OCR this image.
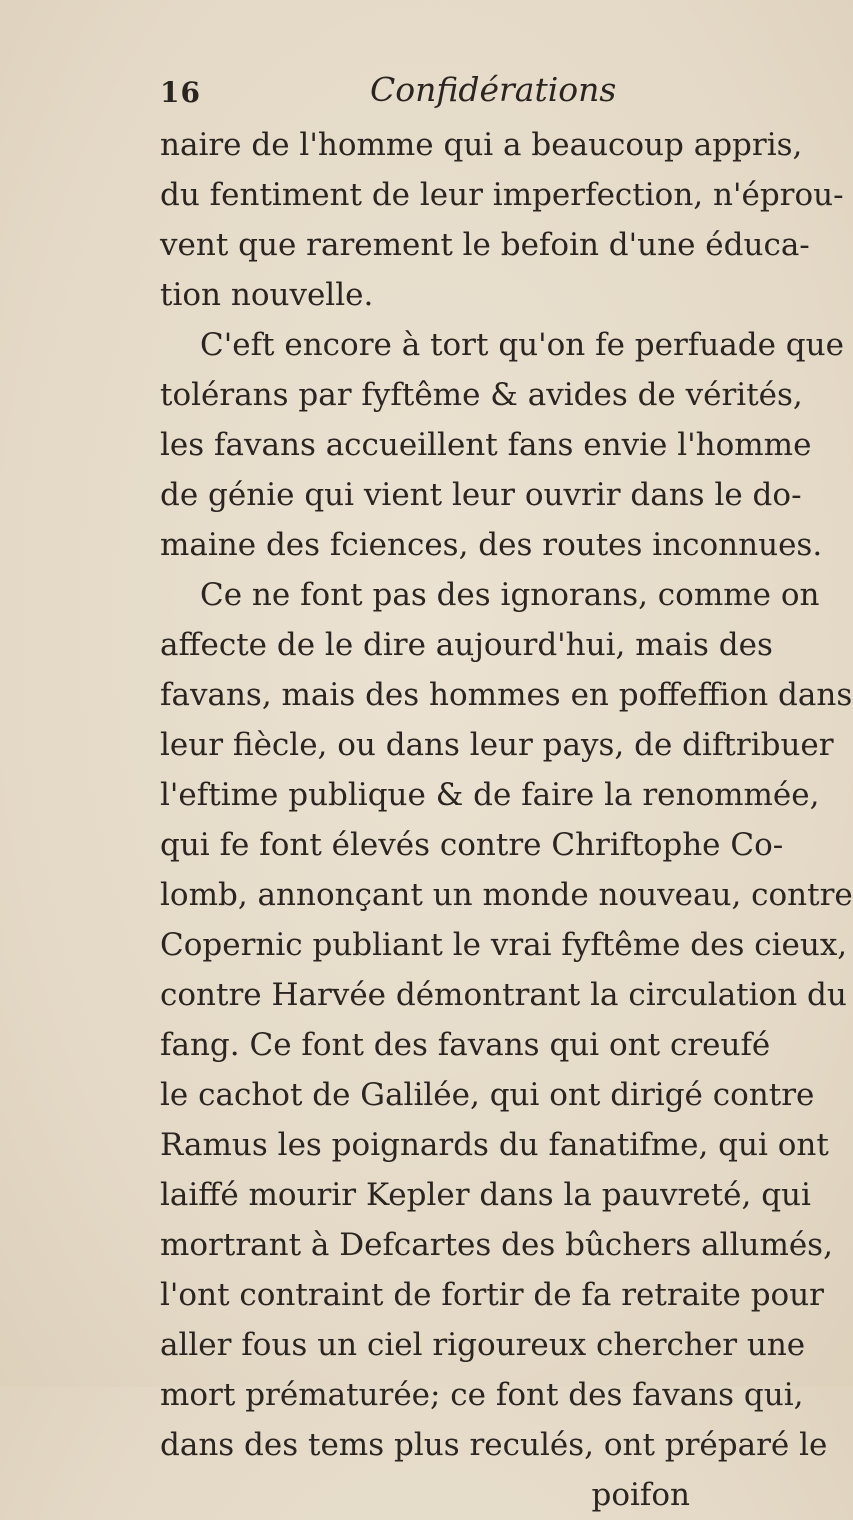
16	Confidérations
naire de l'homme qui a beaucoup appris,
du fentiment de leur imperfection, n'éprou-
vent que rarement le befoin d'une éduca-
tion nouvelle.
C'eft encore à tort qu'on fe perfuade que
tolérans par fyftême & avides de vérités,
les favans accueillent fans envie l'homme
de génie qui vient leur ouvrir dans le do-
maine des fciences, des routes inconnues.
Ce ne font pas des ignorans, comme on
affecte de le dire aujourd'hui, mais des
favans, mais des hommes en poffeffion dans
leur fiècle, ou dans leur pays, de diftribuer
l'eftime publique & de faire la renommée,
qui fe font élevés contre Chriftophe Co-
lomb, annonçant un monde nouveau, contre
Copernic publiant le vrai fyftême des cieux,
contre Harvée démontrant la circulation du
fang. Ce font des favans qui ont creufé
le cachot de Galilée, qui ont dirigé contre
Ramus les poignards du fanatifme, qui ont
laiffé mourir Kepler dans la pauvreté, qui
mortrant à Defcartes des bûchers allumés,
l'ont contraint de fortir de fa retraite pour
aller fous un ciel rigoureux chercher une
mort prématurée; ce font des favans qui,
dans des tems plus reculés, ont préparé le
poifon
